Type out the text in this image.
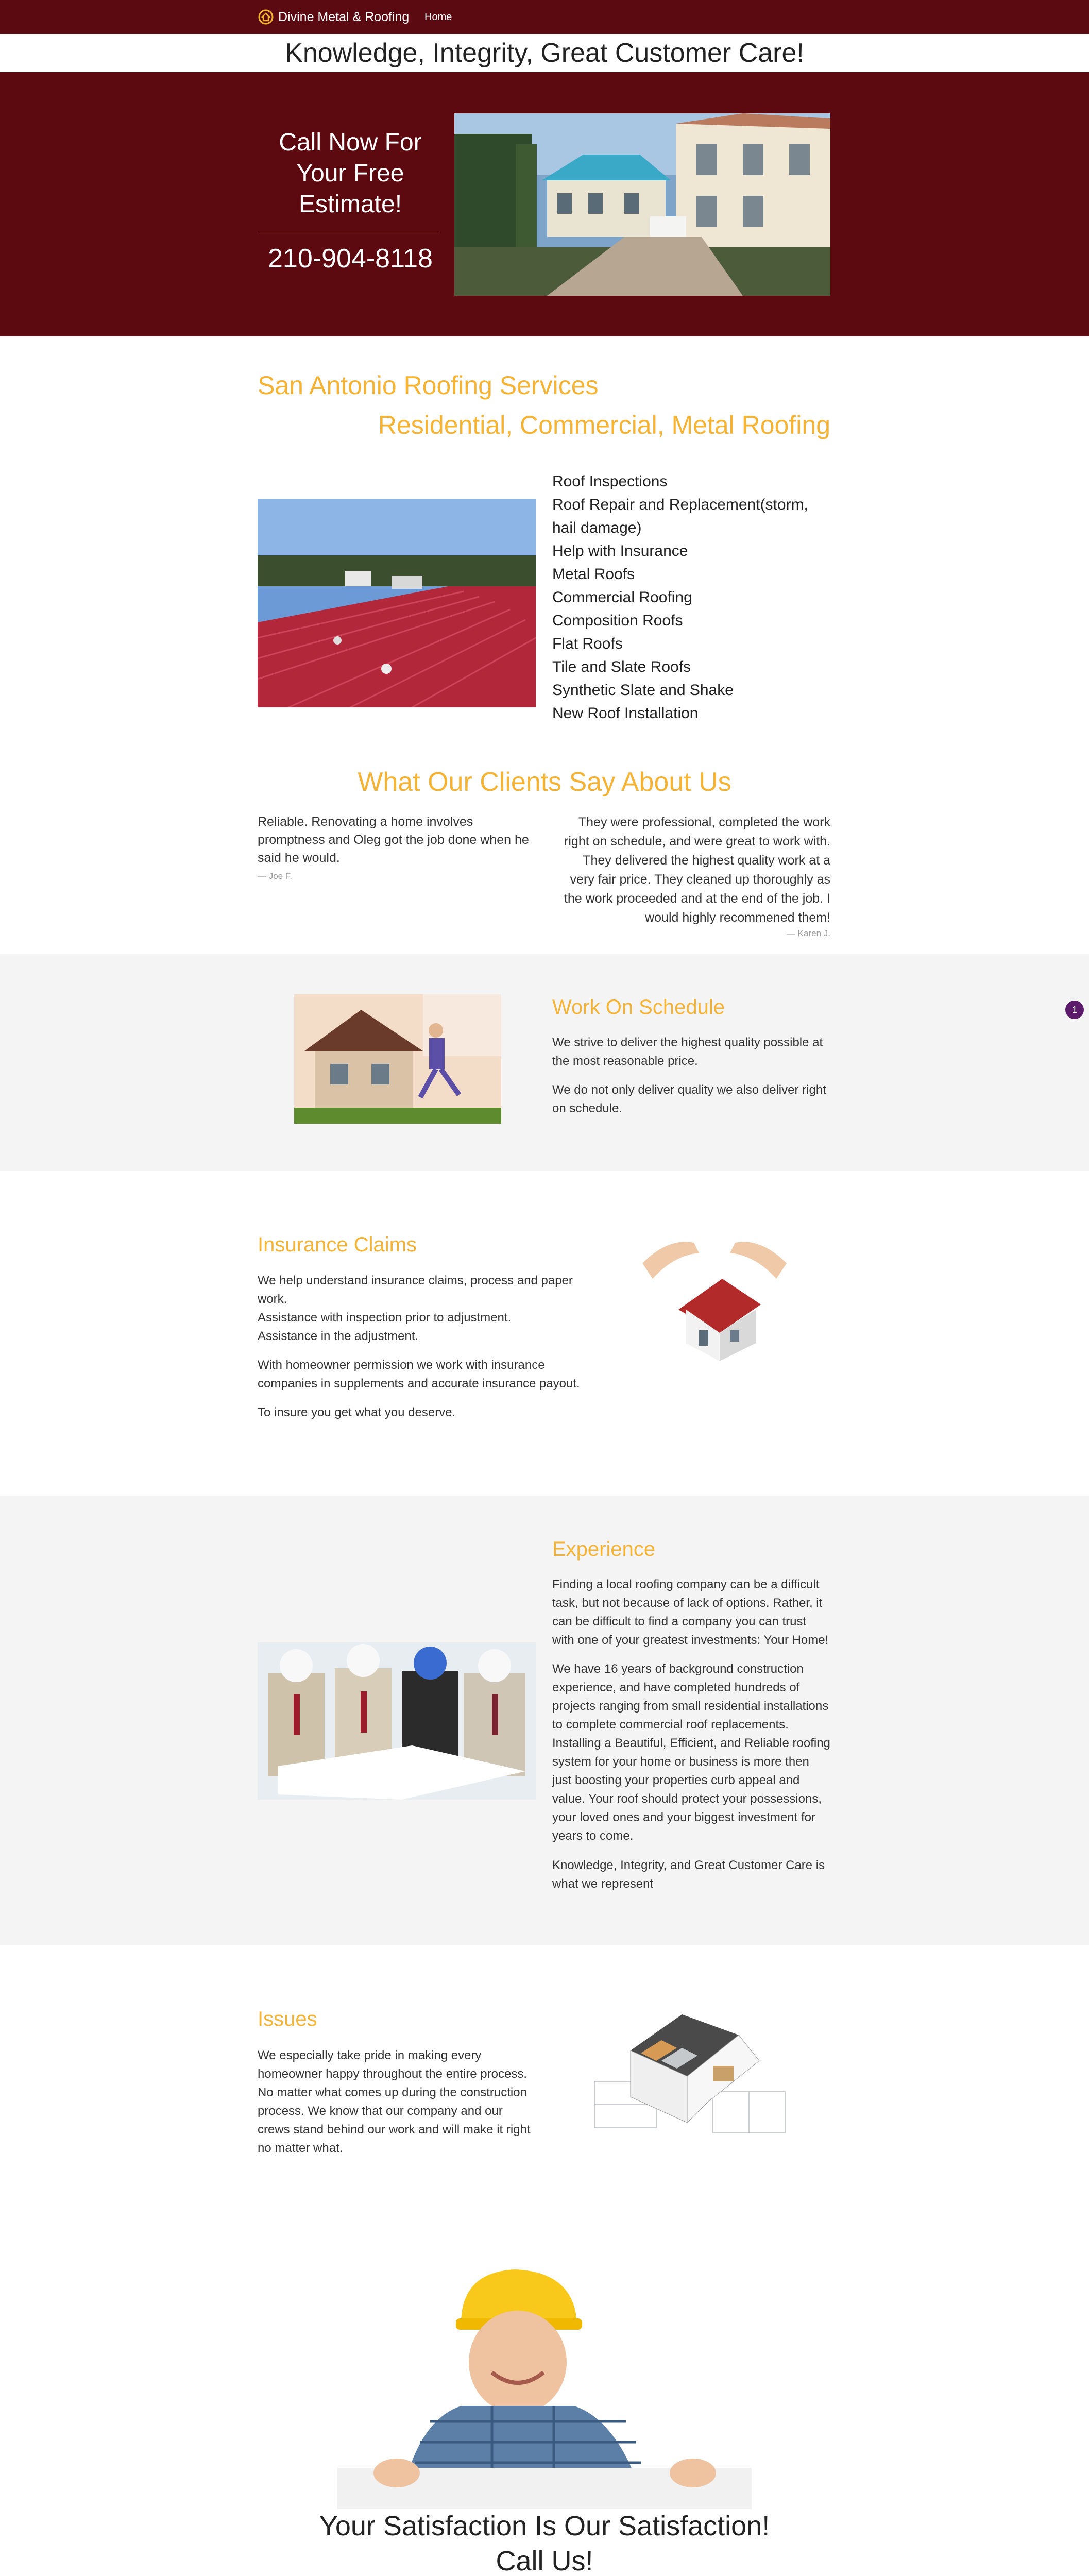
Divine Metal & Roofing Home
Knowledge, Integrity, Great Customer Care!
Call Now For
Your Free
Estimate!
210-904-8118
San Antonio Roofing Services
Residential, Commercial, Metal Roofing
Roof Inspections
Roof Repair and Replacement(storm, hail damage)
Help with Insurance
Metal Roofs
Commercial Roofing
Composition Roofs
Flat Roofs
Tile and Slate Roofs
Synthetic Slate and Shake
New Roof Installation
What Our Clients Say About Us
Reliable. Renovating a home involves promptness and Oleg got the job done when he said he would.
— Joe F.
They were professional, completed the work right on schedule, and were great to work with. They delivered the highest quality work at a very fair price. They cleaned up thoroughly as the work proceeded and at the end of the job. I would highly recommened them!
— Karen J.
Work On Schedule

We strive to deliver the highest quality possible at the most reasonable price.

We do not only deliver quality we also deliver right on schedule.

1
Insurance Claims
We help understand insurance claims, process and paper work.
Assistance with inspection prior to adjustment.
Assistance in the adjustment.

With homeowner permission we work with insurance companies in supplements and accurate insurance payout.

To insure you get what you deserve.

Experience

Finding a local roofing company can be a difficult task, but not because of lack of options. Rather, it can be difficult to find a company you can trust with one of your greatest investments: Your Home!

We have 16 years of background construction experience, and have completed hundreds of projects ranging from small residential installations to complete commercial roof replacements. Installing a Beautiful, Efficient, and Reliable roofing system for your home or business is more then just boosting your properties curb appeal and value. Your roof should protect your possessions, your loved ones and your biggest investment for years to come.

Knowledge, Integrity, and Great Customer Care is what we represent

Issues

We especially take pride in making every homeowner happy throughout the entire process. No matter what comes up during the construction process. We know that our company and our crews stand behind our work and will make it right no matter what.

Your Satisfaction Is Our Satisfaction!
Call Us!
